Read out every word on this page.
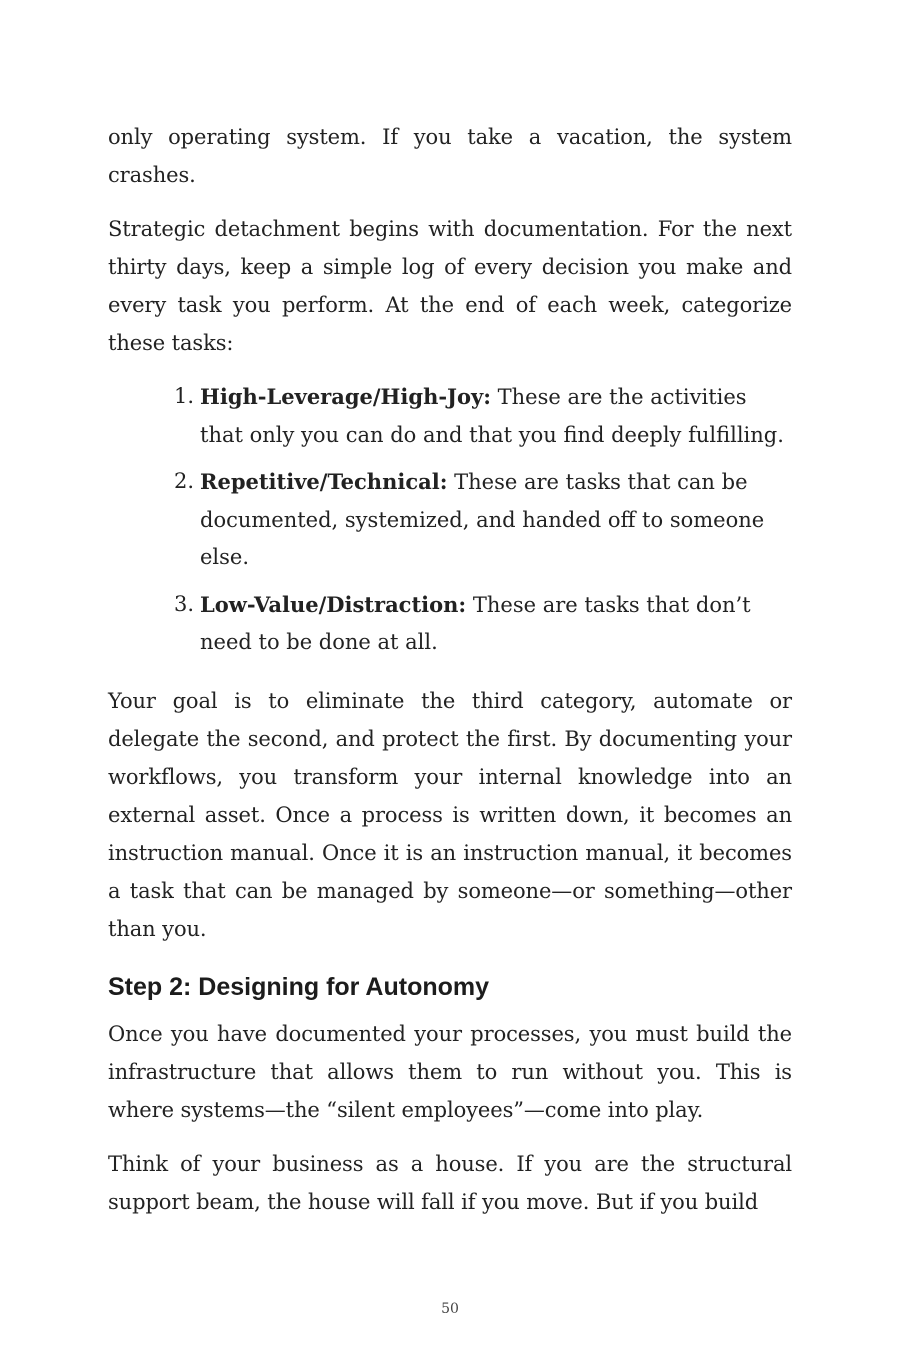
only operating system. If you take a vacation, the system crashes.

Strategic detachment begins with documentation. For the next thirty days, keep a simple log of every decision you make and every task you perform. At the end of each week, categorize these tasks:

1. High-Leverage/High-Joy: These are the activities that only you can do and that you find deeply fulfilling.
2. Repetitive/Technical: These are tasks that can be documented, systemized, and handed off to someone else.
3. Low-Value/Distraction: These are tasks that don’t need to be done at all.

Your goal is to eliminate the third category, automate or delegate the second, and protect the first. By documenting your workflows, you transform your internal knowledge into an external asset. Once a process is written down, it becomes an instruction manual. Once it is an instruction manual, it becomes a task that can be managed by someone—or something—other than you.

Step 2: Designing for Autonomy

Once you have documented your processes, you must build the infrastructure that allows them to run without you. This is where systems—the “silent employees”—come into play.

Think of your business as a house. If you are the structural support beam, the house will fall if you move. But if you build

50
